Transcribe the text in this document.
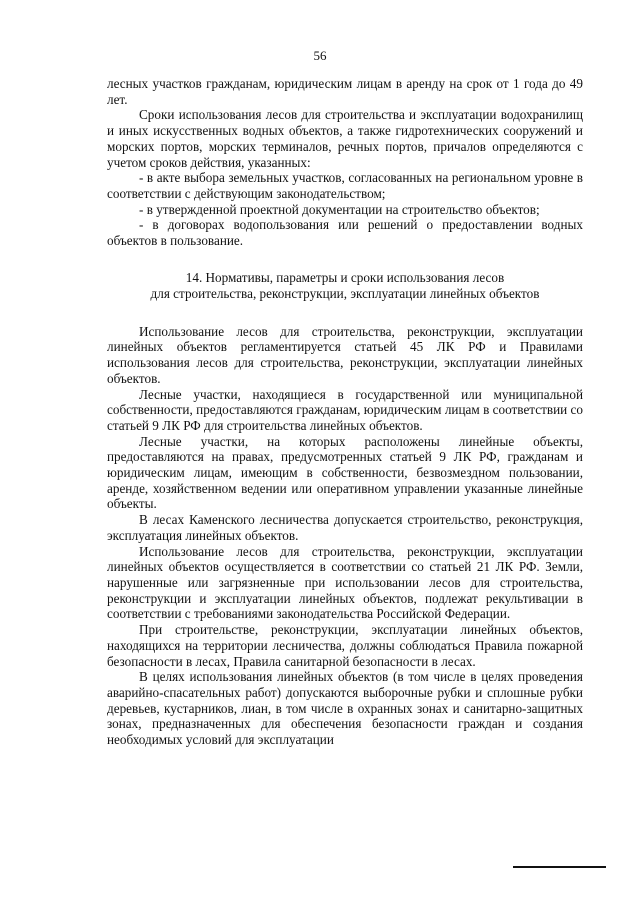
56

лесных участков гражданам, юридическим лицам в аренду на срок от 1 года до 49 лет.

Сроки использования лесов для строительства и эксплуатации водохранилищ и иных искусственных водных объектов, а также гидротехнических сооружений и морских портов, морских терминалов, речных портов, причалов определяются с учетом сроков действия, указанных:

- в акте выбора земельных участков, согласованных на региональном уровне в соответствии с действующим законодательством;

- в утвержденной проектной документации на строительство объектов;

- в договорах водопользования или решений о предоставлении водных объектов в пользование.

14. Нормативы, параметры и сроки использования лесов
для строительства, реконструкции, эксплуатации линейных объектов

Использование лесов для строительства, реконструкции, эксплуатации линейных объектов регламентируется статьей 45 ЛК РФ и Правилами использования лесов для строительства, реконструкции, эксплуатации линейных объектов.

Лесные участки, находящиеся в государственной или муниципальной собственности, предоставляются гражданам, юридическим лицам в соответствии со статьей 9 ЛК РФ для строительства линейных объектов.

Лесные участки, на которых расположены линейные объекты, предоставляются на правах, предусмотренных статьей 9 ЛК РФ, гражданам и юридическим лицам, имеющим в собственности, безвозмездном пользовании, аренде, хозяйственном ведении или оперативном управлении указанные линейные объекты.

В лесах Каменского лесничества допускается строительство, реконструкция, эксплуатация линейных объектов.

Использование лесов для строительства, реконструкции, эксплуатации линейных объектов осуществляется в соответствии со статьей 21 ЛК РФ. Земли, нарушенные или загрязненные при использовании лесов для строительства, реконструкции и эксплуатации линейных объектов, подлежат рекультивации в соответствии с требованиями законодательства Российской Федерации.

При строительстве, реконструкции, эксплуатации линейных объектов, находящихся на территории лесничества, должны соблюдаться Правила пожарной безопасности в лесах, Правила санитарной безопасности в лесах.

В целях использования линейных объектов (в том числе в целях проведения аварийно-спасательных работ) допускаются выборочные рубки и сплошные рубки деревьев, кустарников, лиан, в том числе в охранных зонах и санитарно-защитных зонах, предназначенных для обеспечения безопасности граждан и создания необходимых условий для эксплуатации
